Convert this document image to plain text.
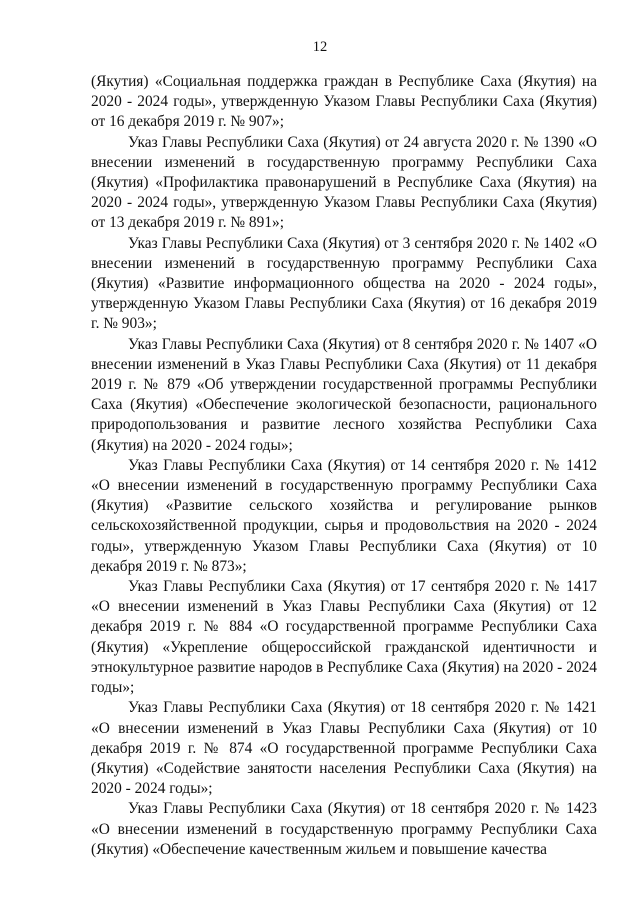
12

(Якутия) «Социальная поддержка граждан в Республике Саха (Якутия) на 2020 - 2024 годы», утвержденную Указом Главы Республики Саха (Якутия) от 16 декабря 2019 г. № 907»;

Указ Главы Республики Саха (Якутия) от 24 августа 2020 г. № 1390 «О внесении изменений в государственную программу Республики Саха (Якутия) «Профилактика правонарушений в Республике Саха (Якутия) на 2020 - 2024 годы», утвержденную Указом Главы Республики Саха (Якутия) от 13 декабря 2019 г. № 891»;

Указ Главы Республики Саха (Якутия) от 3 сентября 2020 г. № 1402 «О внесении изменений в государственную программу Республики Саха (Якутия) «Развитие информационного общества на 2020 - 2024 годы», утвержденную Указом Главы Республики Саха (Якутия) от 16 декабря 2019 г. № 903»;

Указ Главы Республики Саха (Якутия) от 8 сентября 2020 г. № 1407 «О внесении изменений в Указ Главы Республики Саха (Якутия) от 11 декабря 2019 г. № 879 «Об утверждении государственной программы Республики Саха (Якутия) «Обеспечение экологической безопасности, рационального природопользования и развитие лесного хозяйства Республики Саха (Якутия) на 2020 - 2024 годы»;

Указ Главы Республики Саха (Якутия) от 14 сентября 2020 г. № 1412 «О внесении изменений в государственную программу Республики Саха (Якутия) «Развитие сельского хозяйства и регулирование рынков сельскохозяйственной продукции, сырья и продовольствия на 2020 - 2024 годы», утвержденную Указом Главы Республики Саха (Якутия) от 10 декабря 2019 г. № 873»;

Указ Главы Республики Саха (Якутия) от 17 сентября 2020 г. № 1417 «О внесении изменений в Указ Главы Республики Саха (Якутия) от 12 декабря 2019 г. № 884 «О государственной программе Республики Саха (Якутия) «Укрепление общероссийской гражданской идентичности и этнокультурное развитие народов в Республике Саха (Якутия) на 2020 - 2024 годы»;

Указ Главы Республики Саха (Якутия) от 18 сентября 2020 г. № 1421 «О внесении изменений в Указ Главы Республики Саха (Якутия) от 10 декабря 2019 г. № 874 «О государственной программе Республики Саха (Якутия) «Содействие занятости населения Республики Саха (Якутия) на 2020 - 2024 годы»;

Указ Главы Республики Саха (Якутия) от 18 сентября 2020 г. № 1423 «О внесении изменений в государственную программу Республики Саха (Якутия) «Обеспечение качественным жильем и повышение качества
